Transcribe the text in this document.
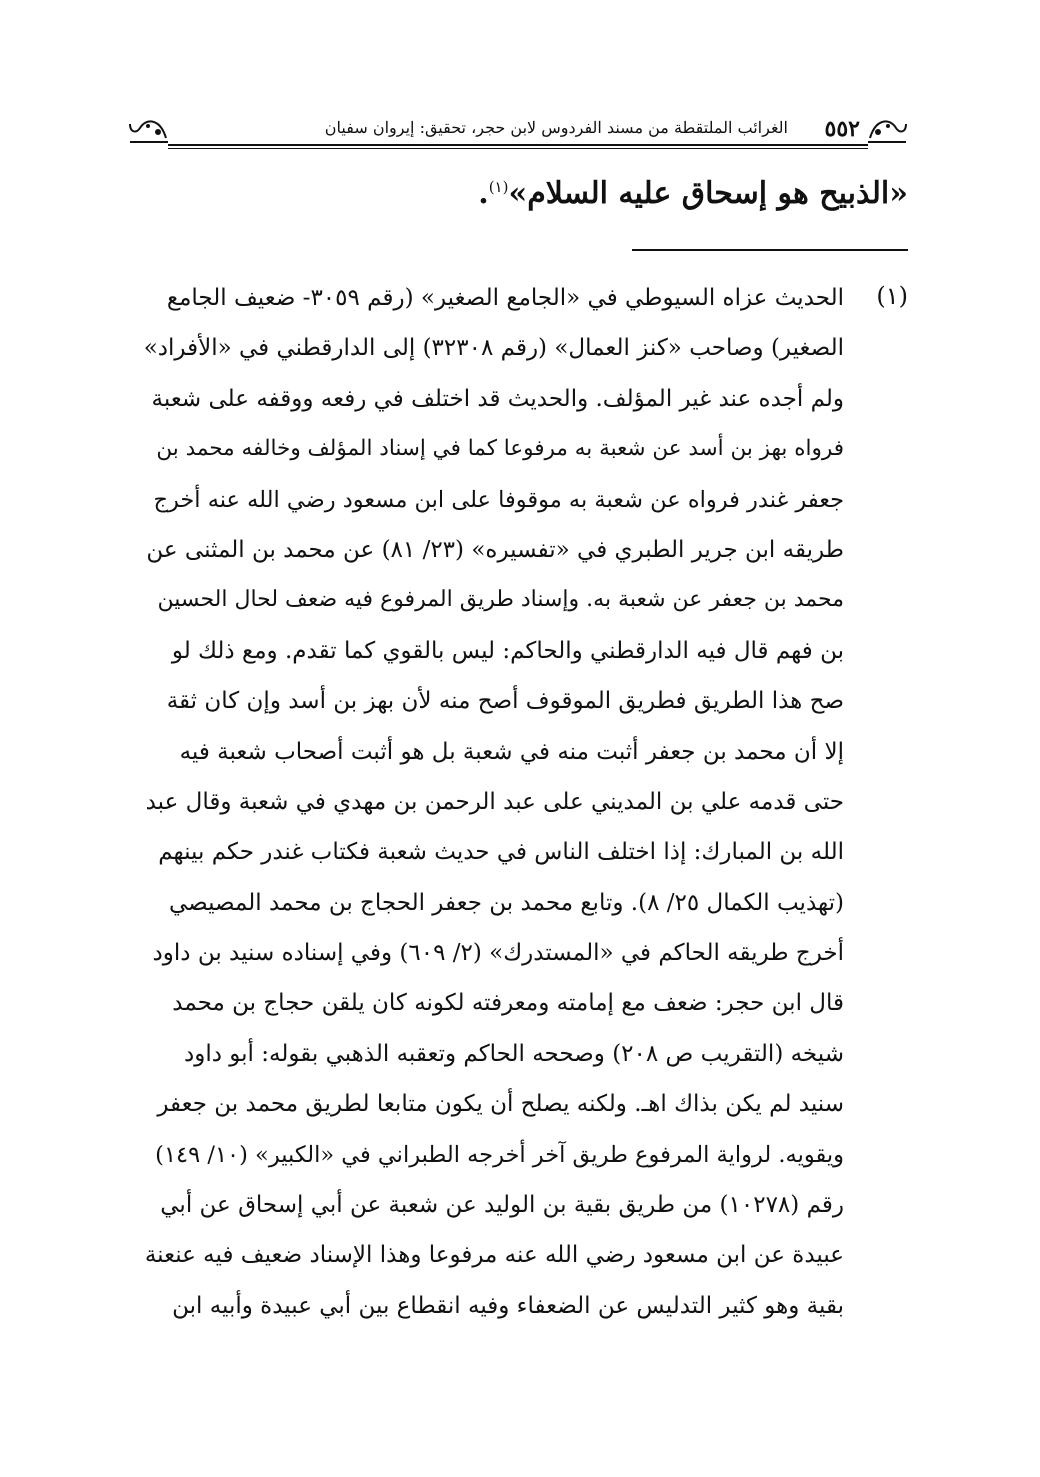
٥٥٢
الغرائب الملتقطة من مسند الفردوس لابن حجر، تحقيق: إيروان سفيان
«الذبيح هو إسحاق عليه السلام»$^{(١)}$.
(١)
الحديث عزاه السيوطي في «الجامع الصغير» (رقم ٣٠٥٩- ضعيف الجامع
الصغير) وصاحب «كنز العمال» (رقم ٣٢٣٠٨) إلى الدارقطني في «الأفراد»
ولم أجده عند غير المؤلف. والحديث قد اختلف في رفعه ووقفه على شعبة
فرواه بهز بن أسد عن شعبة به مرفوعا كما في إسناد المؤلف وخالفه محمد بن
جعفر غندر فرواه عن شعبة به موقوفا على ابن مسعود رضي الله عنه أخرج
طريقه ابن جرير الطبري في «تفسيره» (٢٣/ ٨١) عن محمد بن المثنى عن
محمد بن جعفر عن شعبة به. وإسناد طريق المرفوع فيه ضعف لحال الحسين
بن فهم قال فيه الدارقطني والحاكم: ليس بالقوي كما تقدم. ومع ذلك لو
صح هذا الطريق فطريق الموقوف أصح منه لأن بهز بن أسد وإن كان ثقة
إلا أن محمد بن جعفر أثبت منه في شعبة بل هو أثبت أصحاب شعبة فيه
حتى قدمه علي بن المديني على عبد الرحمن بن مهدي في شعبة وقال عبد
الله بن المبارك: إذا اختلف الناس في حديث شعبة فكتاب غندر حكم بينهم
(تهذيب الكمال ٢٥/ ٨). وتابع محمد بن جعفر الحجاج بن محمد المصيصي
أخرج طريقه الحاكم في «المستدرك» (٢/ ٦٠٩) وفي إسناده سنيد بن داود
قال ابن حجر: ضعف مع إمامته ومعرفته لكونه كان يلقن حجاج بن محمد
شيخه (التقريب ص ٢٠٨) وصححه الحاكم وتعقبه الذهبي بقوله: أبو داود
سنيد لم يكن بذاك اهـ. ولكنه يصلح أن يكون متابعا لطريق محمد بن جعفر
ويقويه. لرواية المرفوع طريق آخر أخرجه الطبراني في «الكبير» (١٠/ ١٤٩)
رقم (١٠٢٧٨) من طريق بقية بن الوليد عن شعبة عن أبي إسحاق عن أبي
عبيدة عن ابن مسعود رضي الله عنه مرفوعا وهذا الإسناد ضعيف فيه عنعنة
بقية وهو كثير التدليس عن الضعفاء وفيه انقطاع بين أبي عبيدة وأبيه ابن
